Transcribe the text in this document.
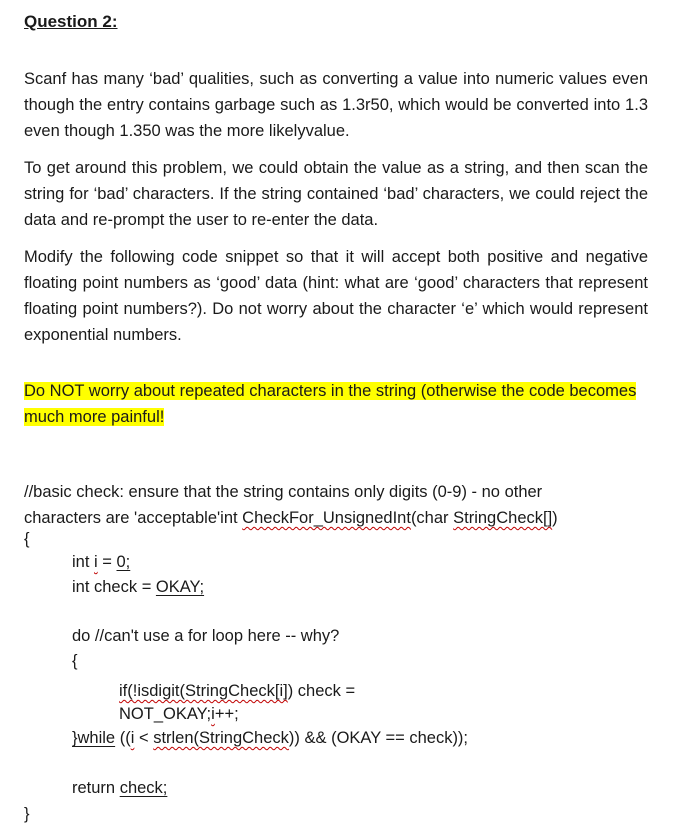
Question 2:
Scanf has many ‘bad’ qualities, such as converting a value into numeric values even though the entry contains garbage such as 1.3r50, which would be converted into 1.3 even though 1.350 was the more likelyvalue.
To get around this problem, we could obtain the value as a string, and then scan the string for ‘bad’ characters. If the string contained ‘bad’ characters, we could reject the data and re-prompt the user to re-enter the data.
Modify the following code snippet so that it will accept both positive and negative floating point numbers as ‘good’ data (hint: what are ‘good’ characters that represent floating point numbers?). Do not worry about the character ‘e’ which would represent exponential numbers.
Do NOT worry about repeated characters in the string (otherwise the code becomes much more painful!
//basic check: ensure that the string contains only digits (0-9) - no other
characters are 'acceptable'int CheckFor_UnsignedInt(char StringCheck[])
{
int i = 0;
int check = OKAY;
do //can't use a for loop here -- why?
{
if(!isdigit(StringCheck[i]) check =
NOT_OKAY;i++;
}while ((i < strlen(StringCheck)) && (OKAY == check));
return check;
}
